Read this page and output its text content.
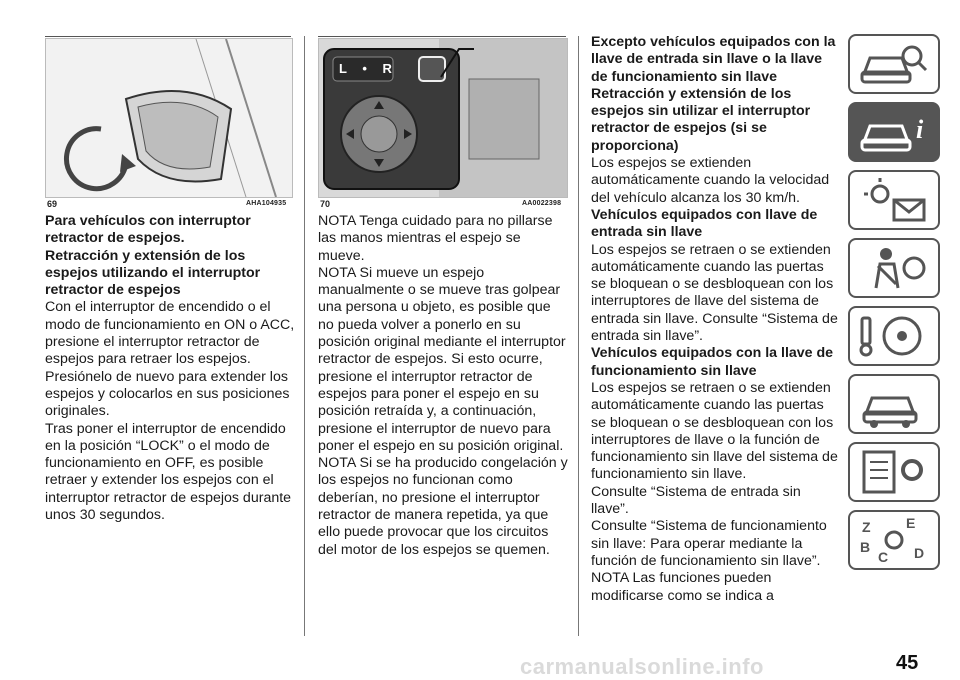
69	AHA104935
L • R
70	AA0022398
Para vehículos con interruptor retractor de espejos.
Retracción y extensión de los espejos utilizando el interruptor retractor de espejos

Con el interruptor de encendido o el modo de funcionamiento en ON o ACC, presione el interruptor retractor de espejos para retraer los espejos. Presiónelo de nuevo para extender los espejos y colocarlos en sus posiciones originales.

Tras poner el interruptor de encendido en la posición “LOCK” o el modo de funcionamiento en OFF, es posible retraer y extender los espejos con el interruptor retractor de espejos durante unos 30 segundos.

NOTA Tenga cuidado para no pillarse las manos mientras el espejo se mueve.

NOTA Si mueve un espejo manualmente o se mueve tras golpear una persona u objeto, es posible que no pueda volver a ponerlo en su posición original mediante el interruptor retractor de espejos. Si esto ocurre, presione el interruptor retractor de espejos para poner el espejo en su posición retraída y, a continuación, presione el interruptor de nuevo para poner el espejo en su posición original.

NOTA Si se ha producido congelación y los espejos no funcionan como deberían, no presione el interruptor retractor de manera repetida, ya que ello puede provocar que los circuitos del motor de los espejos se quemen.

Excepto vehículos equipados con la llave de entrada sin llave o la llave de funcionamiento sin llave Retracción y extensión de los espejos sin utilizar el interruptor retractor de espejos (si se proporciona)

Los espejos se extienden automáticamente cuando la velocidad del vehículo alcanza los 30 km/h.

Vehículos equipados con llave de entrada sin llave

Los espejos se retraen o se extienden automáticamente cuando las puertas se bloquean o se desbloquean con los interruptores de llave del sistema de entrada sin llave. Consulte “Sistema de entrada sin llave”.

Vehículos equipados con la llave de funcionamiento sin llave

Los espejos se retraen o se extienden automáticamente cuando las puertas se bloquean o se desbloquean con los interruptores de llave o la función de funcionamiento sin llave del sistema de funcionamiento sin llave.

Consulte “Sistema de entrada sin llave”.

Consulte “Sistema de funcionamiento sin llave: Para operar mediante la función de funcionamiento sin llave”.

NOTA Las funciones pueden modificarse como se indica a

i
Z	E
B
C D
carmanualsonline.info	45
